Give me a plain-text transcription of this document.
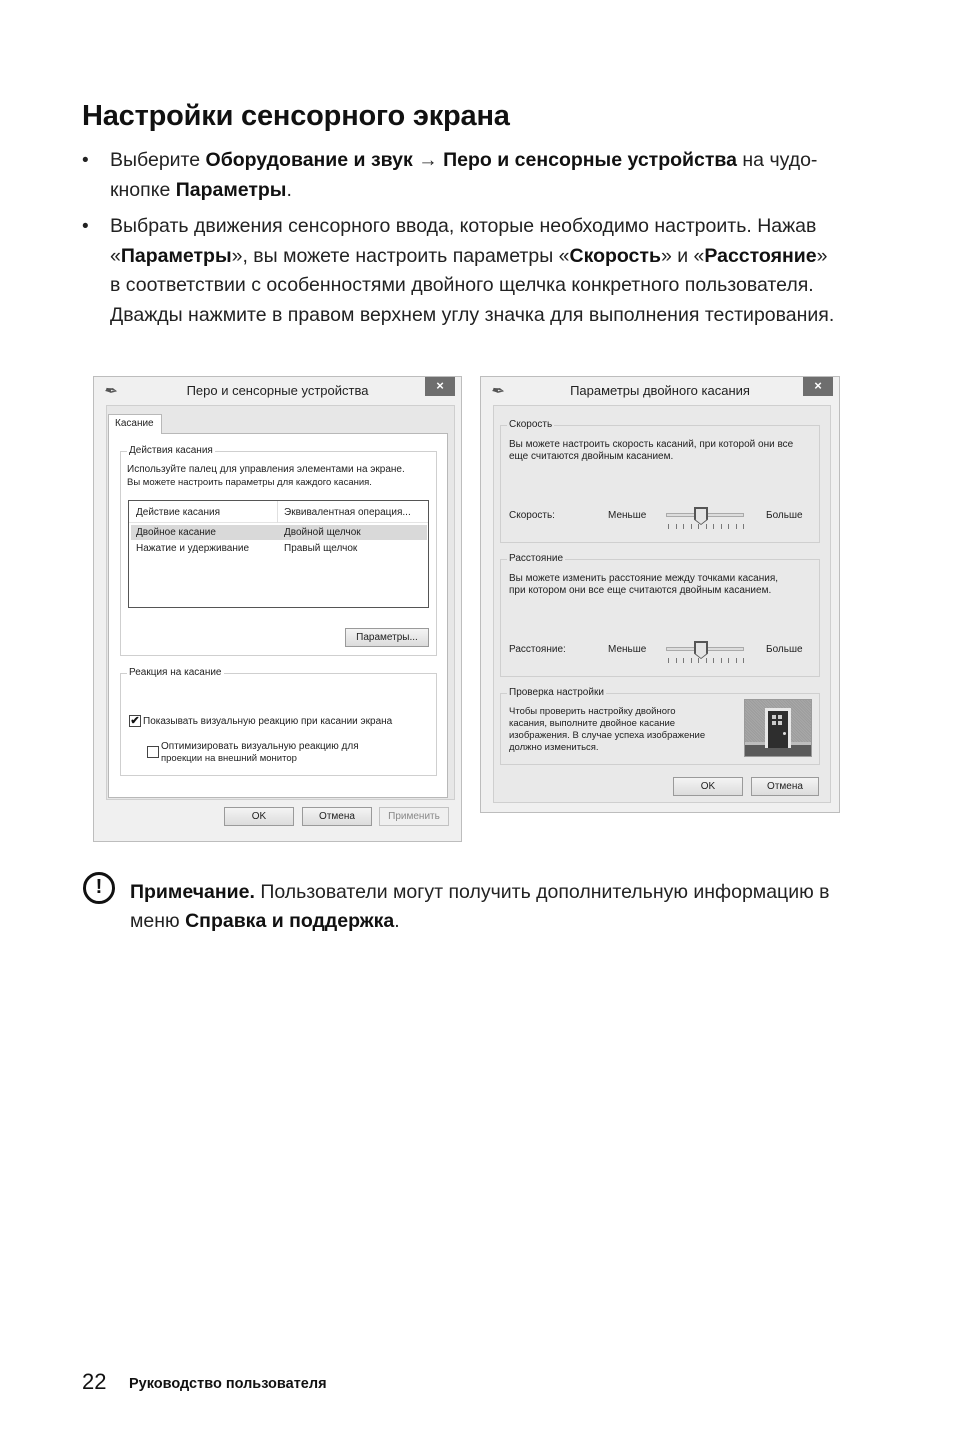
Настройки сенсорного экрана
• Выберите Оборудование и звук → Перо и сенсорные устройства на чудо-кнопке Параметры.
• Выбрать движения сенсорного ввода, которые необходимо настроить. Нажав «Параметры», вы можете настроить параметры «Скорость» и «Расстояние» в соответствии с особенностями двойного щелчка конкретного пользователя. Дважды нажмите в правом верхнем углу значка для выполнения тестирования.
✒	Перо и сенсорные устройства	×
Касание
Действия касания
Используйте палец для управления элементами на экране.
Вы можете настроить параметры для каждого касания.
Действие касания	Эквивалентная операция...
Двойное касание	Двойной щелчок
Нажатие и удерживание	Правый щелчок
Параметры...
Реакция на касание
✔ Показывать визуальную реакцию при касании экрана
Оптимизировать визуальную реакцию для
проекции на внешний монитор
OK	Отмена	Применить
✒	Параметры двойного касания	×
Скорость
Вы можете настроить скорость касаний, при которой они все
еще считаются двойным касанием.
Скорость:	Меньше	Больше
Расстояние
Вы можете изменить расстояние между точками касания,
при котором они все еще считаются двойным касанием.
Расстояние:	Меньше	Больше
Проверка настройки
Чтобы проверить настройку двойного
касания, выполните двойное касание
изображения. В случае успеха изображение
должно измениться.
OK	Отмена
!	Примечание. Пользователи могут получить дополнительную информацию в меню Справка и поддержка.
22 Руководство пользователя
